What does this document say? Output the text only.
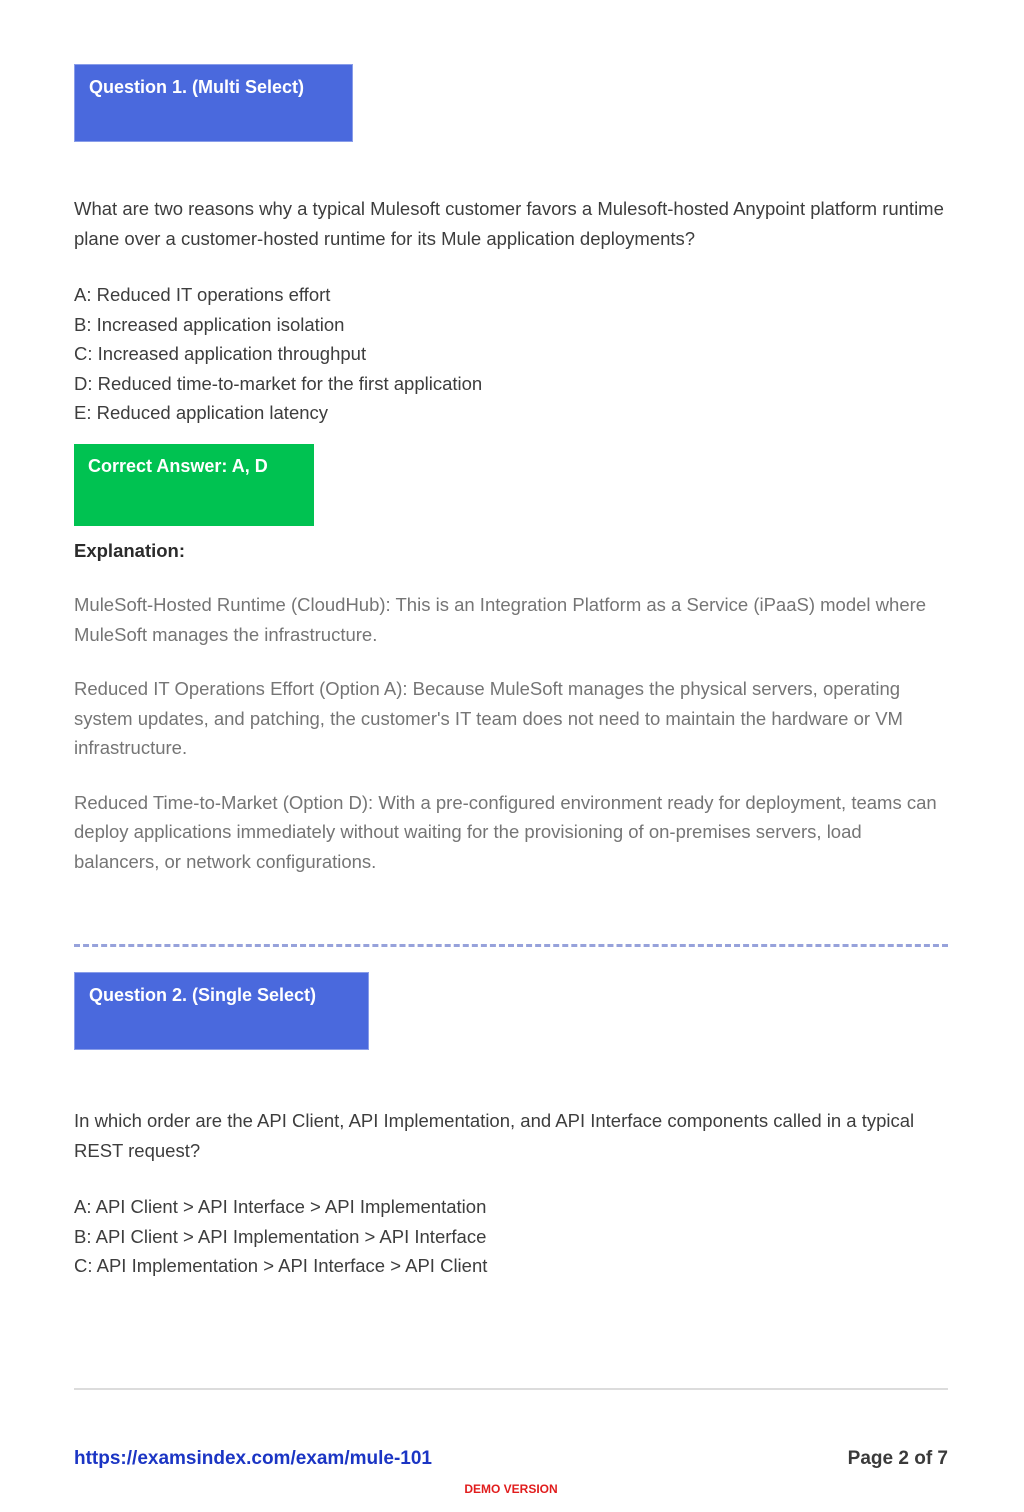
Question 1. (Multi Select)
What are two reasons why a typical Mulesoft customer favors a Mulesoft-hosted Anypoint platform runtime plane over a customer-hosted runtime for its Mule application deployments?
A: Reduced IT operations effort
B: Increased application isolation
C: Increased application throughput
D: Reduced time-to-market for the first application
E: Reduced application latency
Correct Answer: A, D
Explanation:
MuleSoft-Hosted Runtime (CloudHub): This is an Integration Platform as a Service (iPaaS) model where MuleSoft manages the infrastructure.
Reduced IT Operations Effort (Option A): Because MuleSoft manages the physical servers, operating system updates, and patching, the customer's IT team does not need to maintain the hardware or VM infrastructure.
Reduced Time-to-Market (Option D): With a pre-configured environment ready for deployment, teams can deploy applications immediately without waiting for the provisioning of on-premises servers, load balancers, or network configurations.
Question 2. (Single Select)
In which order are the API Client, API Implementation, and API Interface components called in a typical REST request?
A: API Client > API Interface > API Implementation
B: API Client > API Implementation > API Interface
C: API Implementation > API Interface > API Client
https://examsindex.com/exam/mule-101	Page 2 of 7
DEMO VERSION
